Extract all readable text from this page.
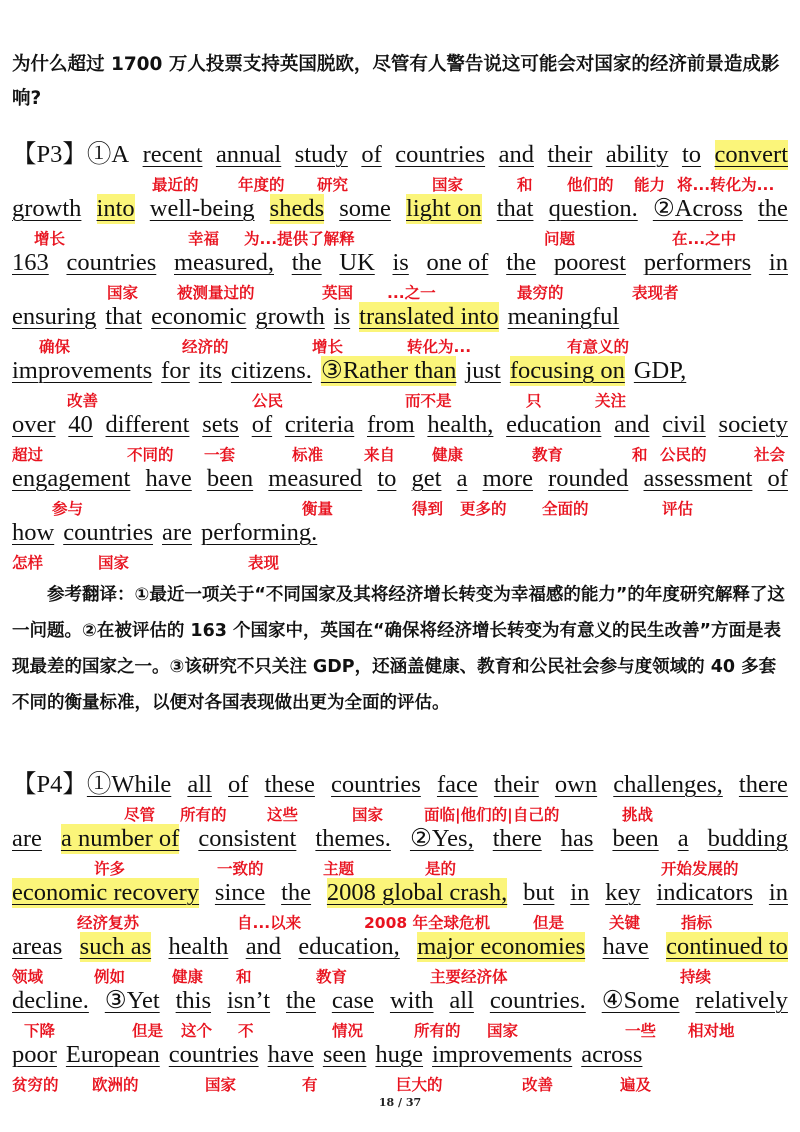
为什么超过 1700 万人投票支持英国脱欧，尽管有人警告说这可能会对国家的经济前景造成影响?
【P3】①A recent annual study of countries and their ability to convert
最近的	年度的 研究	国家	和 他们的 能力 将...转化为...
growth into well-being sheds some light on that question. ②Across the
增长	幸福 为...提供了解释	问题	在...之中
163 countries measured, the UK is one of the poorest performers in
国家	被测量过的	英国 ...之一	最穷的	表现者
ensuring that economic growth is translated into meaningful
确保	经济的	增长	转化为...	有意义的
improvements for its citizens. ③Rather than just focusing on GDP,
改善	公民	而不是	只	关注
over 40 different sets of criteria from health, education and civil society
超过	不同的 一套	标准	来自 健康	教育	和 公民的	社会
engagement have been measured to get a more rounded assessment of
参与	衡量	得到 更多的 全面的	评估
how countries are performing.
怎样	国家	表现
参考翻译：①最近一项关于“不同国家及其将经济增长转变为幸福感的能力”的年度研究解释了这一问题。②在被评估的 163 个国家中，英国在“确保将经济增长转变为有意义的民生改善”方面是表现最差的国家之一。③该研究不只关注 GDP，还涵盖健康、教育和公民社会参与度领域的 40 多套不同的衡量标准，以便对各国表现做出更为全面的评估。
【P4】①While all of these countries face their own challenges, there
尽管 所有的	这些	国家	面临|他们的|自己的	挑战
are a number of consistent themes. ②Yes, there has been a budding
许多	一致的	主题	是的	开始发展的
economic recovery since the 2008 global crash, but in key indicators in
经济复苏	自...以来	2008 年全球危机	但是	关键	指标
areas such as health and education, major economies have continued to
领域	例如	健康 和	教育	主要经济体	持续
decline. ③Yet this isn’t the case with all countries. ④Some relatively
下降	但是 这个 不	情况	所有的 国家	一些 相对地
poor European countries have seen huge improvements across
贫穷的 欧洲的	国家	有	巨大的	改善	遍及
18 / 37
